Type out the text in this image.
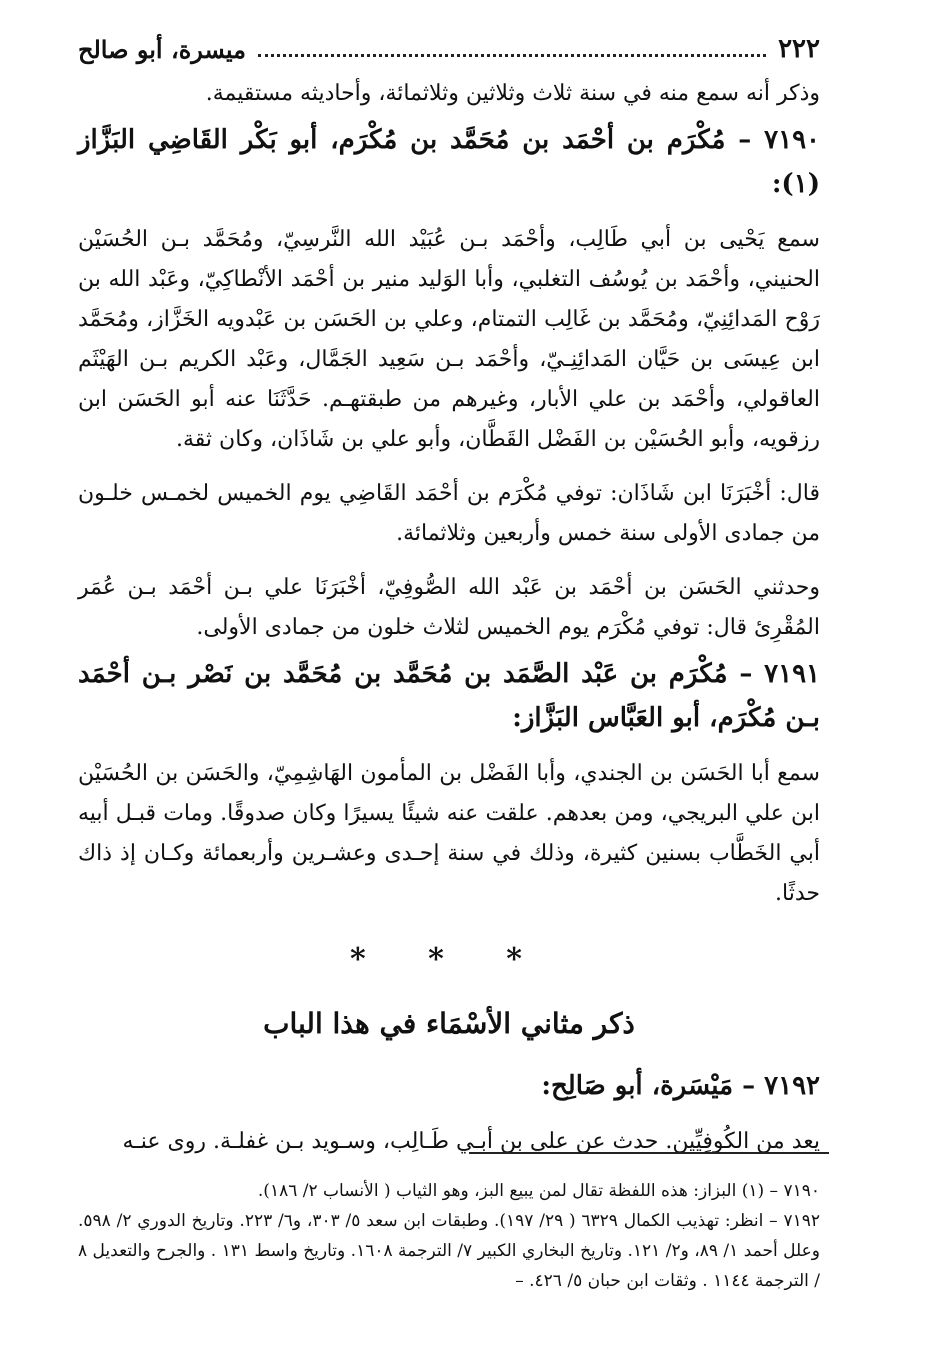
٢٢٢
ميسرة، أبو صالح

وذكر أنه سمع منه في سنة ثلاث وثلاثين وثلاثمائة، وأحاديثه مستقيمة.

٧١٩٠ – مُكْرَم بن أحْمَد بن مُحَمَّد بن مُكْرَم، أبو بَكْر القَاضِي البَزَّاز (١):

سمع يَحْيى بن أبي طَالِب، وأحْمَد بـن عُبَيْد الله النَّرسِيّ، ومُحَمَّد بـن الحُسَيْن الحنيني، وأحْمَد بن يُوسُف التغلبي، وأبا الوَليد منير بن أحْمَد الأنْطاكِيّ، وعَبْد الله بن رَوْح المَدائِنِيّ، ومُحَمَّد بن غَالِب التمتام، وعلي بن الحَسَن بن عَبْدويه الخَزَّاز، ومُحَمَّد ابن عِيسَى بن حَيَّان المَدائِنِـيّ، وأحْمَد بـن سَعِيد الجَمَّال، وعَبْد الكريم بـن الهَيْثَم العاقولي، وأحْمَد بن علي الأبار، وغيرهم من طبقتهـم. حَدَّثَنَا عنه أبو الحَسَن ابن رزقويه، وأبو الحُسَيْن بن الفَضْل القَطَّان، وأبو علي بن شَاذَان، وكان ثقة.

قال: أخْبَرَنَا ابن شَاذَان: توفي مُكْرَم بن أحْمَد القَاضِي يوم الخميس لخمـس خلـون من جمادى الأولى سنة خمس وأربعين وثلاثمائة.

وحدثني الحَسَن بن أحْمَد بن عَبْد الله الصُّوفِيّ، أخْبَرَنَا علي بـن أحْمَد بـن عُمَر المُقْرِئ قال: توفي مُكْرَم يوم الخميس لثلاث خلون من جمادى الأولى.

٧١٩١ – مُكْرَم بن عَبْد الصَّمَد بن مُحَمَّد بن مُحَمَّد بن نَصْر بـن أحْمَد بـن مُكْرَم، أبو العَبَّاس البَزَّاز:

سمع أبا الحَسَن بن الجندي، وأبا الفَضْل بن المأمون الهَاشِمِيّ، والحَسَن بن الحُسَيْن ابن علي البريجي، ومن بعدهم. علقت عنه شيئًا يسيرًا وكان صدوقًا. ومات قبـل أبيه أبي الخَطَّاب بسنين كثيرة، وذلك في سنة إحـدى وعشـرين وأربعمائة وكـان إذ ذاك حدثًا.

* * *

ذكر مثاني الأسْمَاء في هذا الباب

٧١٩٢ – مَيْسَرة، أبو صَالِح:

يعد من الكُوفِيِّين. حدث عن علي بن أبـي طَـالِب، وسـويد بـن غفلـة. روى عنـه

٧١٩٠ – (١) البزاز: هذه اللفظة تقال لمن يبيع البز، وهو الثياب ( الأنساب ٢/ ١٨٦).

٧١٩٢ – انظر: تهذيب الكمال ٦٣٢٩ ( ٢٩/ ١٩٧). وطبقات ابن سعد ٥/ ٣٠٣، و٦/ ٢٢٣. وتاريخ الدوري ٢/ ٥٩٨. وعلل أحمد ١/ ٨٩، و٢/ ١٢١. وتاريخ البخاري الكبير ٧/ الترجمة ١٦٠٨. وتاريخ واسط ١٣١ . والجرح والتعديل ٨ / الترجمة ١١٤٤ . وثقات ابن حبان ٥/ ٤٢٦. –
